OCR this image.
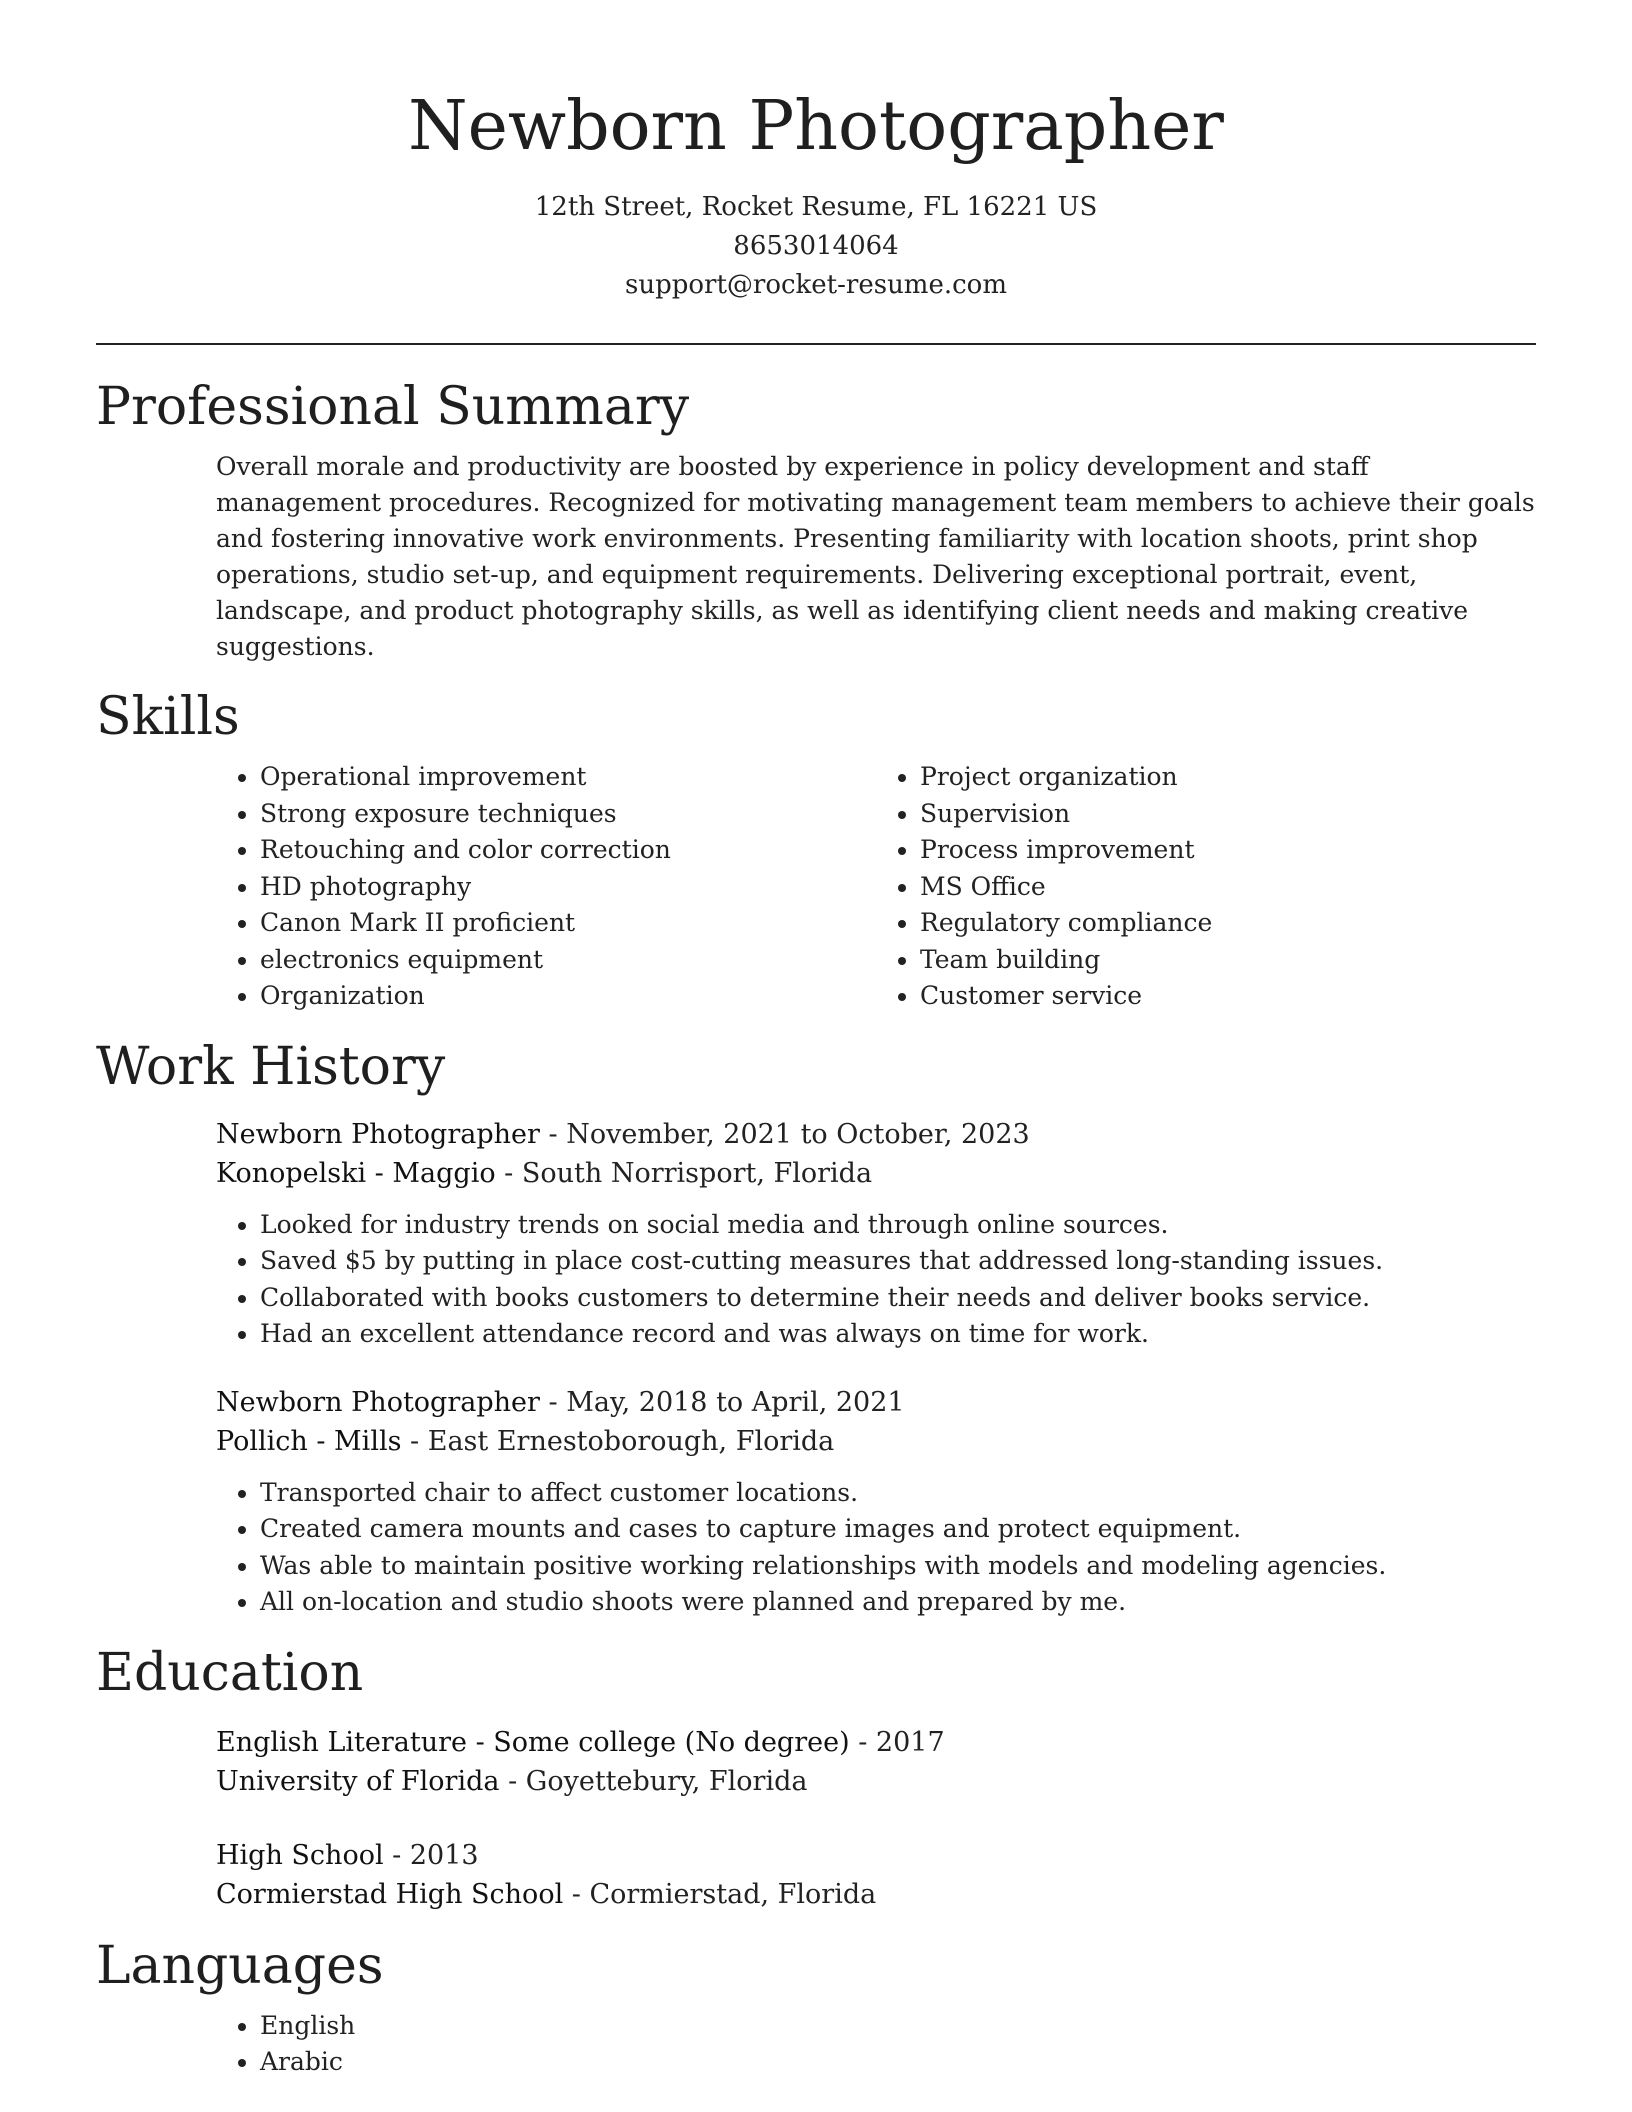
Newborn Photographer

12th Street, Rocket Resume, FL 16221 US

8653014064

support@rocket-resume.com

Professional Summary

Overall morale and productivity are boosted by experience in policy development and staff management procedures. Recognized for motivating management team members to achieve their goals and fostering innovative work environments. Presenting familiarity with location shoots, print shop operations, studio set-up, and equipment requirements. Delivering exceptional portrait, event, landscape, and product photography skills, as well as identifying client needs and making creative suggestions.

Skills
• Operational improvement
• Strong exposure techniques
• Retouching and color correction
• HD photography
• Canon Mark II proficient
• electronics equipment
• Organization
• Project organization
• Supervision
• Process improvement
• MS Office
• Regulatory compliance
• Team building
• Customer service
Work History

Newborn Photographer - November, 2021 to October, 2023

Konopelski - Maggio - South Norrisport, Florida

• Looked for industry trends on social media and through online sources.
• Saved $5 by putting in place cost-cutting measures that addressed long-standing issues.
• Collaborated with books customers to determine their needs and deliver books service.
• Had an excellent attendance record and was always on time for work.

Newborn Photographer - May, 2018 to April, 2021

Pollich - Mills - East Ernestoborough, Florida

• Transported chair to affect customer locations.
• Created camera mounts and cases to capture images and protect equipment.
• Was able to maintain positive working relationships with models and modeling agencies.
• All on-location and studio shoots were planned and prepared by me.
Education

English Literature - Some college (No degree) - 2017

University of Florida - Goyettebury, Florida

High School - 2013

Cormierstad High School - Cormierstad, Florida

Languages
• English
• Arabic
